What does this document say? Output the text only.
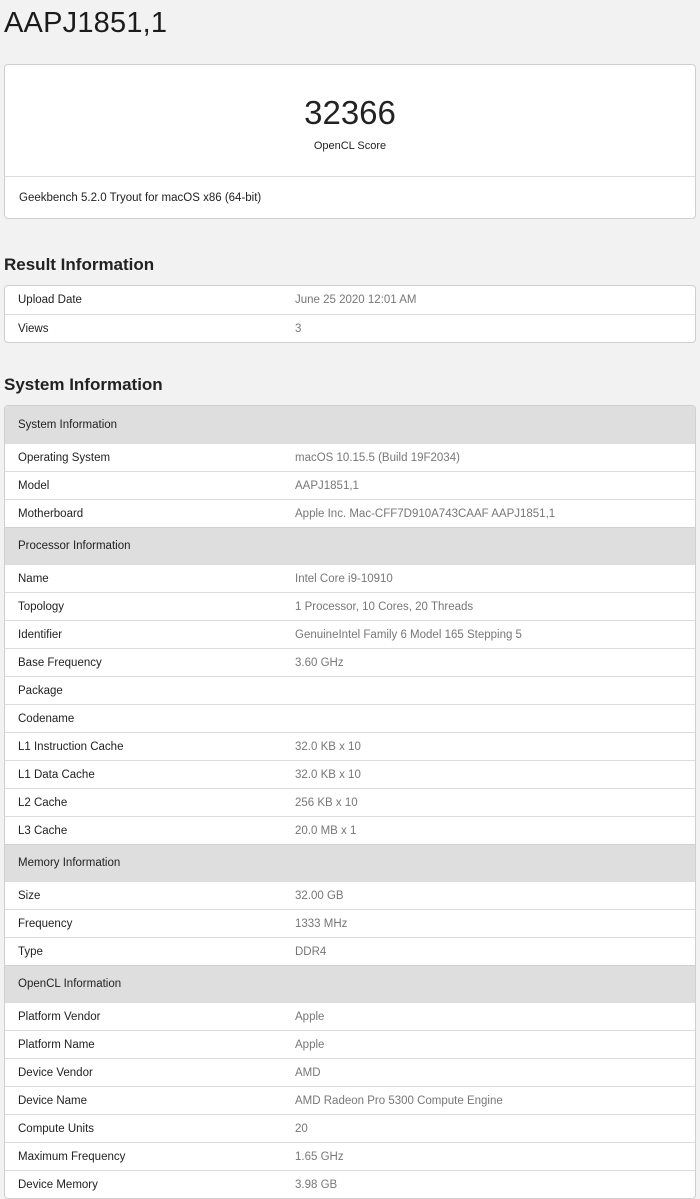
AAPJ1851,1
32366
OpenCL Score
Geekbench 5.2.0 Tryout for macOS x86 (64-bit)
Result Information
Upload Date	June 25 2020 12:01 AM
Views	3
System Information
System Information
Operating System	macOS 10.15.5 (Build 19F2034)
Model	AAPJ1851,1
Motherboard	Apple Inc. Mac-CFF7D910A743CAAF AAPJ1851,1
Processor Information
Name	Intel Core i9-10910
Topology	1 Processor, 10 Cores, 20 Threads
Identifier	GenuineIntel Family 6 Model 165 Stepping 5
Base Frequency	3.60 GHz
Package
Codename
L1 Instruction Cache	32.0 KB x 10
L1 Data Cache	32.0 KB x 10
L2 Cache	256 KB x 10
L3 Cache	20.0 MB x 1
Memory Information
Size	32.00 GB
Frequency	1333 MHz
Type	DDR4
OpenCL Information
Platform Vendor	Apple
Platform Name	Apple
Device Vendor	AMD
Device Name	AMD Radeon Pro 5300 Compute Engine
Compute Units	20
Maximum Frequency	1.65 GHz
Device Memory	3.98 GB
